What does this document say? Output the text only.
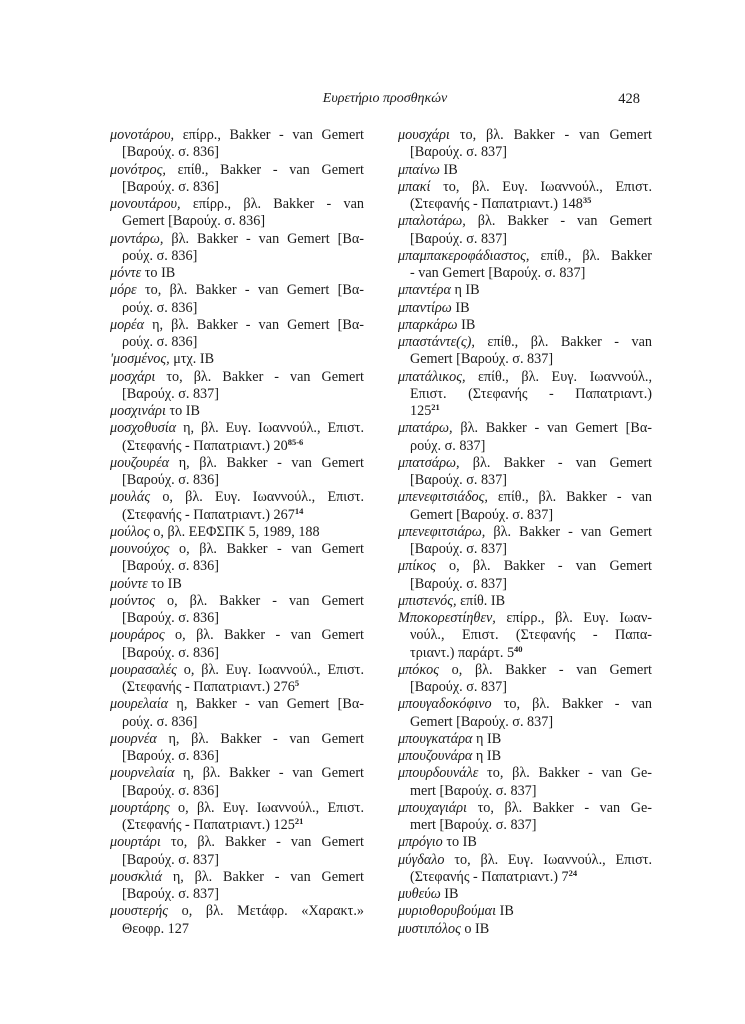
Ευρετήριο προσθηκών	428
μονοτάρου, επίρρ., Bakker - van Gemert
[Βαρούχ. σ. 836]
μονότρος, επίθ., Bakker - van Gemert
[Βαρούχ. σ. 836]
μονουτάρου, επίρρ., βλ. Bakker - van
Gemert [Βαρούχ. σ. 836]
μοντάρω, βλ. Bakker - van Gemert [Βα-
ρούχ. σ. 836]
μόντε το IB
μόρε το, βλ. Bakker - van Gemert [Βα-
ρούχ. σ. 836]
μορέα η, βλ. Bakker - van Gemert [Βα-
ρούχ. σ. 836]
'μοσμένος, μτχ. IB
μοσχάρι το, βλ. Bakker - van Gemert
[Βαρούχ. σ. 837]
μοσχινάρι το IB
μοσχοθυσία η, βλ. Ευγ. Ιωαννούλ., Επιστ.
(Στεφανής - Παπατριαντ.) 20$^{85-6}$
μουζουρέα η, βλ. Bakker - van Gemert
[Βαρούχ. σ. 836]
μουλάς ο, βλ. Ευγ. Ιωαννούλ., Επιστ.
(Στεφανής - Παπατριαντ.) $267^{14}$
μούλος ο, βλ. ΕΕΦΣΠΚ 5, 1989, 188
μουνούχος ο, βλ. Bakker - van Gemert
[Βαρούχ. σ. 836]
μούντε το IB
μούντος ο, βλ. Bakker - van Gemert
[Βαρούχ. σ. 836]
μουράρος ο, βλ. Bakker - van Gemert
[Βαρούχ. σ. 836]
μουρασαλές ο, βλ. Ευγ. Ιωαννούλ., Επιστ.
(Στεφανής - Παπατριαντ.) $276^5$
μουρελαία η, Bakker - van Gemert [Βα-
ρούχ. σ. 836]
μουρνέα η, βλ. Bakker - van Gemert
[Βαρούχ. σ. 836]
μουρνελαία η, βλ. Bakker - van Gemert
[Βαρούχ. σ. 836]
μουρτάρης ο, βλ. Ευγ. Ιωαννούλ., Επιστ.
(Στεφανής - Παπατριαντ.) $125^{21}$
μουρτάρι το, βλ. Bakker - van Gemert
[Βαρούχ. σ. 837]
μουσκλιά η, βλ. Bakker - van Gemert
[Βαρούχ. σ. 837]
μουστερής ο, βλ. Μετάφρ. «Χαρακτ.»
Θεοφρ. 127
μουσχάρι το, βλ. Bakker - van Gemert
[Βαρούχ. σ. 837]
μπαίνω IB
μπακί το, βλ. Ευγ. Ιωαννούλ., Επιστ.
(Στεφανής - Παπατριαντ.) $148^{35}$
μπαλοτάρω, βλ. Bakker - van Gemert
[Βαρούχ. σ. 837]
μπαμπακεροφάδιαστος, επίθ., βλ. Bakker
- van Gemert [Βαρούχ. σ. 837]
μπαντέρα η IB
μπαντίρω IB
μπαρκάρω IB
μπαστάντε(ς), επίθ., βλ. Bakker - van
Gemert [Βαρούχ. σ. 837]
μπατάλικος, επίθ., βλ. Ευγ. Ιωαννούλ.,
Επιστ. (Στεφανής - Παπατριαντ.)
$125^{21}$
μπατάρω, βλ. Bakker - van Gemert [Βα-
ρούχ. σ. 837]
μπατσάρω, βλ. Bakker - van Gemert
[Βαρούχ. σ. 837]
μπενεφιτσιάδος, επίθ., βλ. Bakker - van
Gemert [Βαρούχ. σ. 837]
μπενεφιτσιάρω, βλ. Bakker - van Gemert
[Βαρούχ. σ. 837]
μπίκος ο, βλ. Bakker - van Gemert
[Βαρούχ. σ. 837]
μπιστενός, επίθ. IB
Μποκορεστίηθεν, επίρρ., βλ. Ευγ. Ιωαν-
νούλ., Επιστ. (Στεφανής - Παπα-
τριαντ.) παράρτ. $5^{40}$
μπόκος ο, βλ. Bakker - van Gemert
[Βαρούχ. σ. 837]
μπουγαδοκόφινο το, βλ. Bakker - van
Gemert [Βαρούχ. σ. 837]
μπουγκατάρα η IB
μπουζουνάρα η IB
μπουρδουνάλε το, βλ. Bakker - van Ge-
mert [Βαρούχ. σ. 837]
μπουχαγιάρι το, βλ. Bakker - van Ge-
mert [Βαρούχ. σ. 837]
μπρόγιο το IB
μύγδαλο το, βλ. Ευγ. Ιωαννούλ., Επιστ.
(Στεφανής - Παπατριαντ.) $7^{24}$
μυθεύω IB
μυριοθορυβούμαι IB
μυστιπόλος ο IB
